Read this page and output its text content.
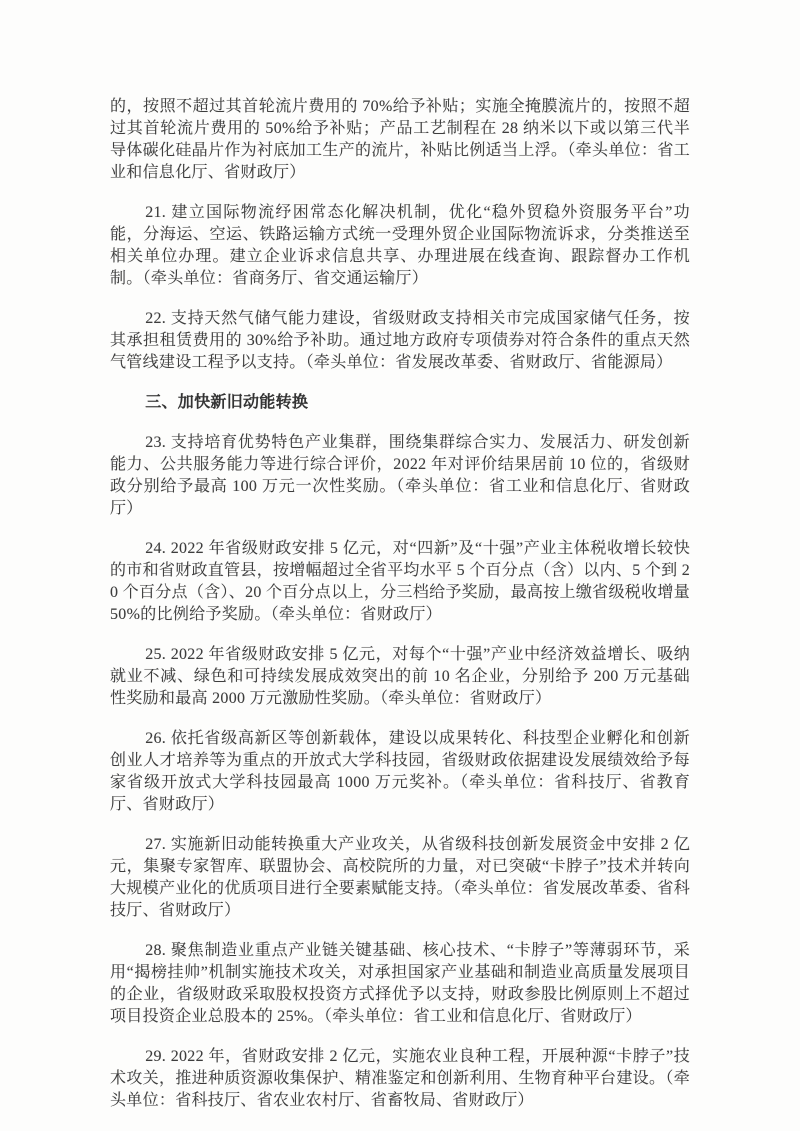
的，按照不超过其首轮流片费用的 70%给予补贴；实施全掩膜流片的，按照不超过其首轮流片费用的 50%给予补贴；产品工艺制程在 28 纳米以下或以第三代半导体碳化硅晶片作为衬底加工生产的流片，补贴比例适当上浮。（牵头单位：省工业和信息化厅、省财政厅）

21. 建立国际物流纾困常态化解决机制，优化“稳外贸稳外资服务平台”功能，分海运、空运、铁路运输方式统一受理外贸企业国际物流诉求，分类推送至相关单位办理。建立企业诉求信息共享、办理进展在线查询、跟踪督办工作机制。（牵头单位：省商务厅、省交通运输厅）

22. 支持天然气储气能力建设，省级财政支持相关市完成国家储气任务，按其承担租赁费用的 30%给予补助。通过地方政府专项债券对符合条件的重点天然气管线建设工程予以支持。（牵头单位：省发展改革委、省财政厅、省能源局）

三、加快新旧动能转换

23. 支持培育优势特色产业集群，围绕集群综合实力、发展活力、研发创新能力、公共服务能力等进行综合评价，2022 年对评价结果居前 10 位的，省级财政分别给予最高 100 万元一次性奖励。（牵头单位：省工业和信息化厅、省财政厅）

24. 2022 年省级财政安排 5 亿元，对“四新”及“十强”产业主体税收增长较快的市和省财政直管县，按增幅超过全省平均水平 5 个百分点（含）以内、5 个到 20 个百分点（含）、20 个百分点以上，分三档给予奖励，最高按上缴省级税收增量 50%的比例给予奖励。（牵头单位：省财政厅）

25. 2022 年省级财政安排 5 亿元，对每个“十强”产业中经济效益增长、吸纳就业不减、绿色和可持续发展成效突出的前 10 名企业，分别给予 200 万元基础性奖励和最高 2000 万元激励性奖励。（牵头单位：省财政厅）

26. 依托省级高新区等创新载体，建设以成果转化、科技型企业孵化和创新创业人才培养等为重点的开放式大学科技园，省级财政依据建设发展绩效给予每家省级开放式大学科技园最高 1000 万元奖补。（牵头单位：省科技厅、省教育厅、省财政厅）

27. 实施新旧动能转换重大产业攻关，从省级科技创新发展资金中安排 2 亿元，集聚专家智库、联盟协会、高校院所的力量，对已突破“卡脖子”技术并转向大规模产业化的优质项目进行全要素赋能支持。（牵头单位：省发展改革委、省科技厅、省财政厅）

28. 聚焦制造业重点产业链关键基础、核心技术、“卡脖子”等薄弱环节，采用“揭榜挂帅”机制实施技术攻关，对承担国家产业基础和制造业高质量发展项目的企业，省级财政采取股权投资方式择优予以支持，财政参股比例原则上不超过项目投资企业总股本的 25%。（牵头单位：省工业和信息化厅、省财政厅）

29. 2022 年，省财政安排 2 亿元，实施农业良种工程，开展种源“卡脖子”技术攻关，推进种质资源收集保护、精准鉴定和创新利用、生物育种平台建设。（牵头单位：省科技厅、省农业农村厅、省畜牧局、省财政厅）
